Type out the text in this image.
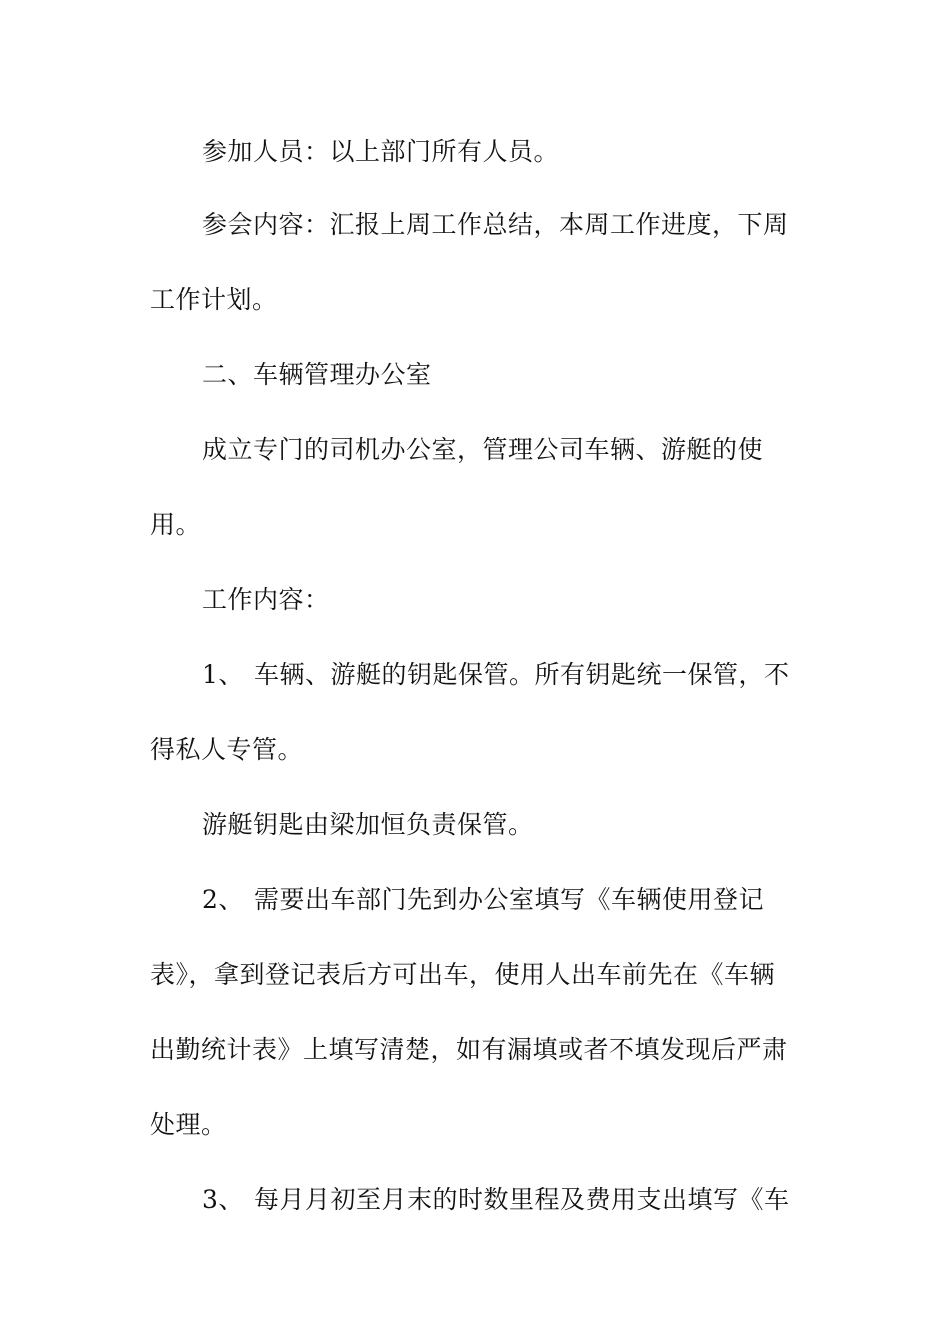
参加人员：以上部门所有人员。
参会内容：汇报上周工作总结，本周工作进度，下周
工作计划。
二、车辆管理办公室
成立专门的司机办公室，管理公司车辆、游艇的使
用。
工作内容：
1、 车辆、游艇的钥匙保管。所有钥匙统一保管，不
得私人专管。
游艇钥匙由梁加恒负责保管。
2、 需要出车部门先到办公室填写《车辆使用登记
表》，拿到登记表后方可出车，使用人出车前先在《车辆
出勤统计表》上填写清楚，如有漏填或者不填发现后严肃
处理。
3、 每月月初至月末的时数里程及费用支出填写《车
